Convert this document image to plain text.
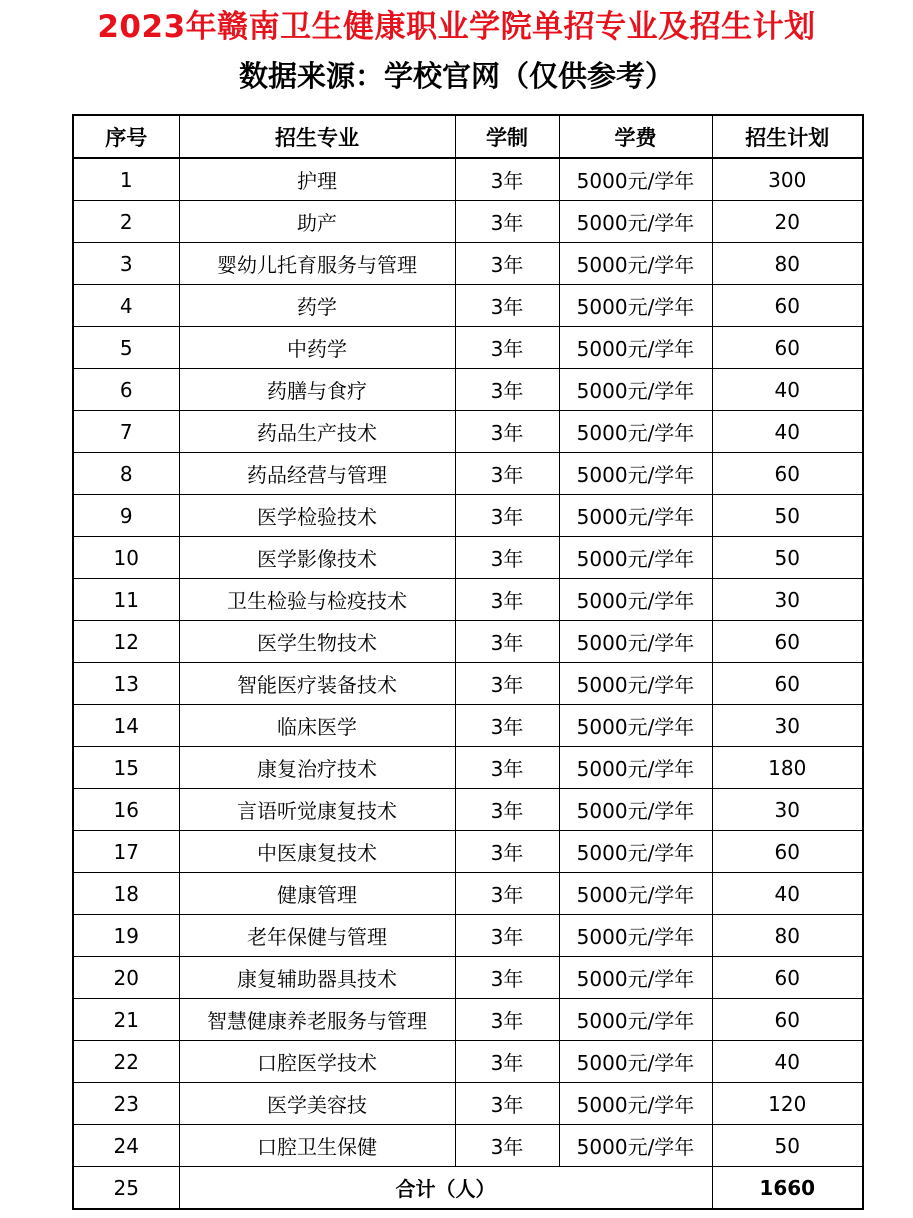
2023年赣南卫生健康职业学院单招专业及招生计划
数据来源：学校官网（仅供参考）
序号	招生专业	学制	学费	招生计划
1	护理	3年	5000元/学年	300
2	助产	3年	5000元/学年	20
3	婴幼儿托育服务与管理	3年	5000元/学年	80
4	药学	3年	5000元/学年	60
5	中药学	3年	5000元/学年	60
6	药膳与食疗	3年	5000元/学年	40
7	药品生产技术	3年	5000元/学年	40
8	药品经营与管理	3年	5000元/学年	60
9	医学检验技术	3年	5000元/学年	50
10	医学影像技术	3年	5000元/学年	50
11	卫生检验与检疫技术	3年	5000元/学年	30
12	医学生物技术	3年	5000元/学年	60
13	智能医疗装备技术	3年	5000元/学年	60
14	临床医学	3年	5000元/学年	30
15	康复治疗技术	3年	5000元/学年	180
16	言语听觉康复技术	3年	5000元/学年	30
17	中医康复技术	3年	5000元/学年	60
18	健康管理	3年	5000元/学年	40
19	老年保健与管理	3年	5000元/学年	80
20	康复辅助器具技术	3年	5000元/学年	60
21	智慧健康养老服务与管理	3年	5000元/学年	60
22	口腔医学技术	3年	5000元/学年	40
23	医学美容技	3年	5000元/学年	120
24	口腔卫生保健	3年	5000元/学年	50
25	合计（人）			1660
